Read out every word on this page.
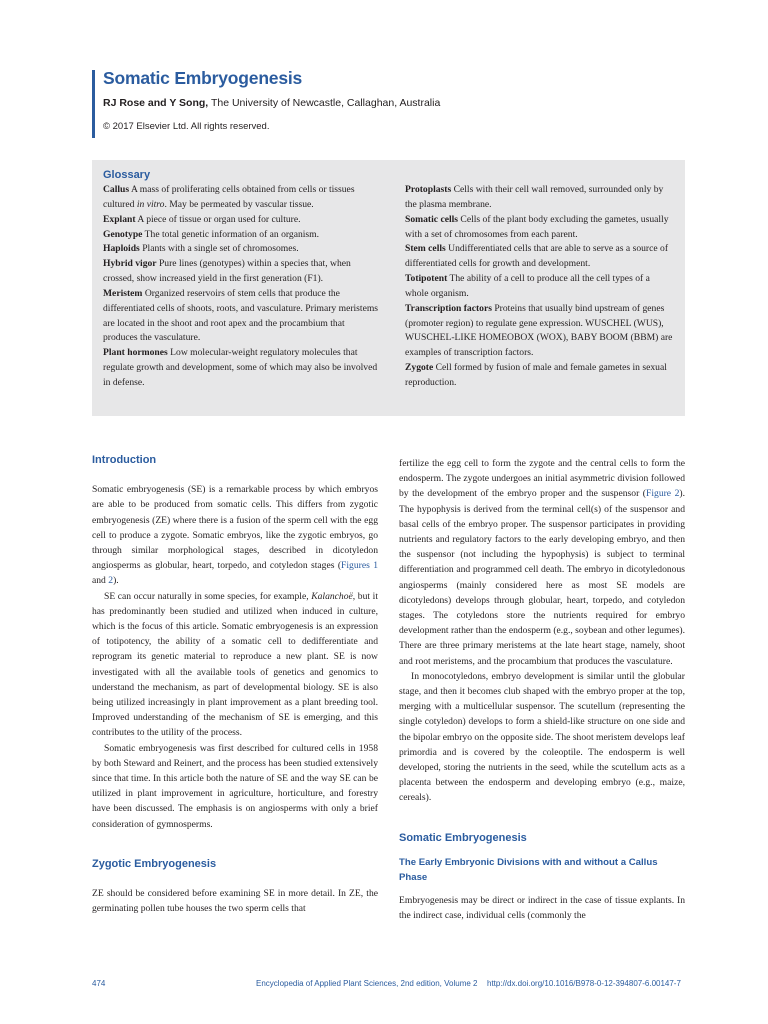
Somatic Embryogenesis

RJ Rose and Y Song, The University of Newcastle, Callaghan, Australia

© 2017 Elsevier Ltd. All rights reserved.

Glossary

Callus A mass of proliferating cells obtained from cells or tissues cultured in vitro. May be permeated by vascular tissue.

Explant A piece of tissue or organ used for culture.

Genotype The total genetic information of an organism.

Haploids Plants with a single set of chromosomes.

Hybrid vigor Pure lines (genotypes) within a species that, when crossed, show increased yield in the first generation (F1).

Meristem Organized reservoirs of stem cells that produce the differentiated cells of shoots, roots, and vasculature. Primary meristems are located in the shoot and root apex and the procambium that produces the vasculature.

Plant hormones Low molecular-weight regulatory molecules that regulate growth and development, some of which may also be involved in defense.

Protoplasts Cells with their cell wall removed, surrounded only by the plasma membrane.

Somatic cells Cells of the plant body excluding the gametes, usually with a set of chromosomes from each parent.

Stem cells Undifferentiated cells that are able to serve as a source of differentiated cells for growth and development.

Totipotent The ability of a cell to produce all the cell types of a whole organism.

Transcription factors Proteins that usually bind upstream of genes (promoter region) to regulate gene expression. WUSCHEL (WUS), WUSCHEL-LIKE HOMEOBOX (WOX), BABY BOOM (BBM) are examples of transcription factors.

Zygote Cell formed by fusion of male and female gametes in sexual reproduction.

Introduction

Somatic embryogenesis (SE) is a remarkable process by which embryos are able to be produced from somatic cells. This differs from zygotic embryogenesis (ZE) where there is a fusion of the sperm cell with the egg cell to produce a zygote. Somatic embryos, like the zygotic embryos, go through similar morphological stages, described in dicotyledon angiosperms as globular, heart, torpedo, and cotyledon stages (Figures 1 and 2).

SE can occur naturally in some species, for example, Kalanchoë, but it has predominantly been studied and utilized when induced in culture, which is the focus of this article. Somatic embryogenesis is an expression of totipotency, the ability of a somatic cell to dedifferentiate and reprogram its genetic material to reproduce a new plant. SE is now investigated with all the available tools of genetics and genomics to understand the mechanism, as part of developmental biology. SE is also being utilized increasingly in plant improvement as a plant breeding tool. Improved understanding of the mechanism of SE is emerging, and this contributes to the utility of the process.

Somatic embryogenesis was first described for cultured cells in 1958 by both Steward and Reinert, and the process has been studied extensively since that time. In this article both the nature of SE and the way SE can be utilized in plant improvement in agriculture, horticulture, and forestry have been discussed. The emphasis is on angiosperms with only a brief consideration of gymnosperms.

Zygotic Embryogenesis

ZE should be considered before examining SE in more detail. In ZE, the germinating pollen tube houses the two sperm cells that

fertilize the egg cell to form the zygote and the central cells to form the endosperm. The zygote undergoes an initial asymmetric division followed by the development of the embryo proper and the suspensor (Figure 2). The hypophysis is derived from the terminal cell(s) of the suspensor and basal cells of the embryo proper. The suspensor participates in providing nutrients and regulatory factors to the early developing embryo, and then the suspensor (not including the hypophysis) is subject to terminal differentiation and programmed cell death. The embryo in dicotyledonous angiosperms (mainly considered here as most SE models are dicotyledons) develops through globular, heart, torpedo, and cotyledon stages. The cotyledons store the nutrients required for embryo development rather than the endosperm (e.g., soybean and other legumes). There are three primary meristems at the late heart stage, namely, shoot and root meristems, and the procambium that produces the vasculature.

In monocotyledons, embryo development is similar until the globular stage, and then it becomes club shaped with the embryo proper at the top, merging with a multicellular suspensor. The scutellum (representing the single cotyledon) develops to form a shield-like structure on one side and the bipolar embryo on the opposite side. The shoot meristem develops leaf primordia and is covered by the coleoptile. The endosperm is well developed, storing the nutrients in the seed, while the scutellum acts as a placenta between the endosperm and developing embryo (e.g., maize, cereals).

Somatic Embryogenesis
The Early Embryonic Divisions with and without a Callus Phase

Embryogenesis may be direct or indirect in the case of tissue explants. In the indirect case, individual cells (commonly the

474	Encyclopedia of Applied Plant Sciences, 2nd edition, Volume 2 http://dx.doi.org/10.1016/B978-0-12-394807-6.00147-7
